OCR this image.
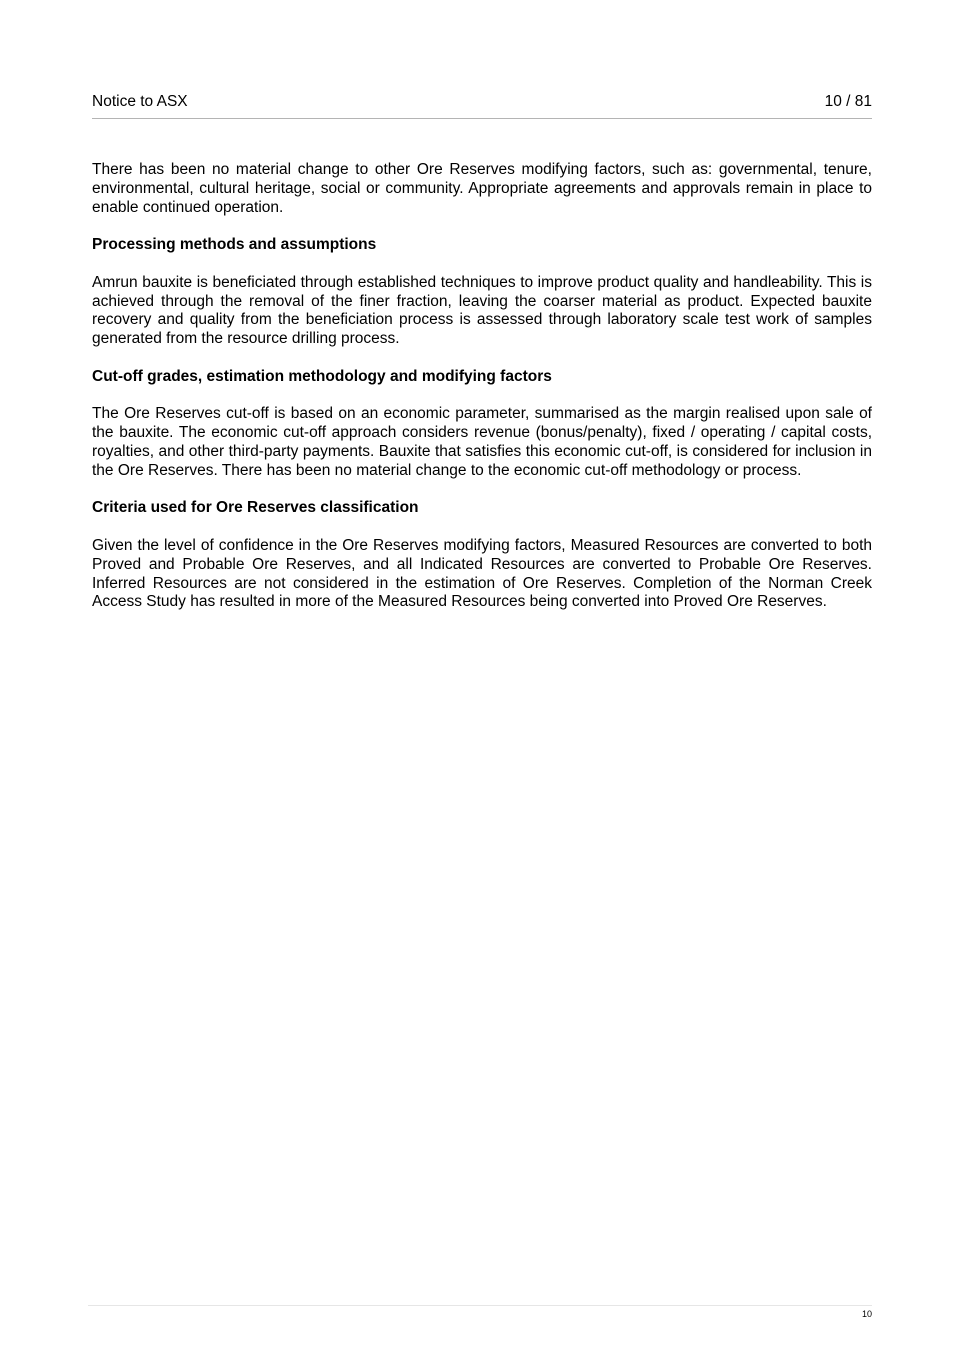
Notice to ASX	10 / 81

There has been no material change to other Ore Reserves modifying factors, such as: governmental, tenure, environmental, cultural heritage, social or community. Appropriate agreements and approvals remain in place to enable continued operation.

Processing methods and assumptions

Amrun bauxite is beneficiated through established techniques to improve product quality and handleability. This is achieved through the removal of the finer fraction, leaving the coarser material as product. Expected bauxite recovery and quality from the beneficiation process is assessed through laboratory scale test work of samples generated from the resource drilling process.

Cut-off grades, estimation methodology and modifying factors

The Ore Reserves cut-off is based on an economic parameter, summarised as the margin realised upon sale of the bauxite. The economic cut-off approach considers revenue (bonus/penalty), fixed / operating / capital costs, royalties, and other third-party payments. Bauxite that satisfies this economic cut-off, is considered for inclusion in the Ore Reserves. There has been no material change to the economic cut-off methodology or process.

Criteria used for Ore Reserves classification

Given the level of confidence in the Ore Reserves modifying factors, Measured Resources are converted to both Proved and Probable Ore Reserves, and all Indicated Resources are converted to Probable Ore Reserves. Inferred Resources are not considered in the estimation of Ore Reserves. Completion of the Norman Creek Access Study has resulted in more of the Measured Resources being converted into Proved Ore Reserves.

10
